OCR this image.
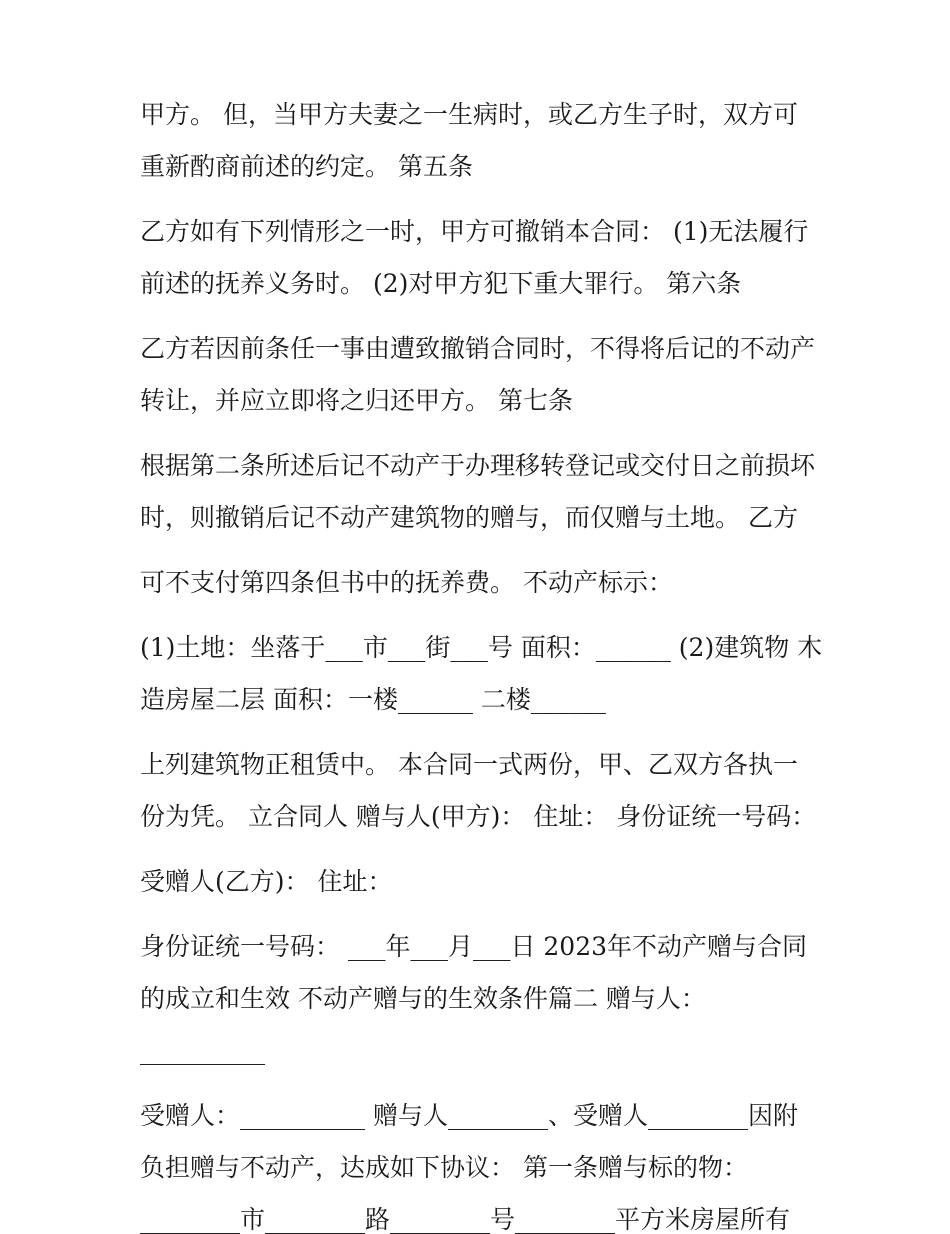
甲方。 但，当甲方夫妻之一生病时，或乙方生子时，双方可
重新酌商前述的约定。 第五条
乙方如有下列情形之一时，甲方可撤销本合同： (1)无法履行
前述的抚养义务时。 (2)对甲方犯下重大罪行。 第六条
乙方若因前条任一事由遭致撤销合同时，不得将后记的不动产
转让，并应立即将之归还甲方。 第七条
根据第二条所述后记不动产于办理移转登记或交付日之前损坏
时，则撤销后记不动产建筑物的赠与，而仅赠与土地。 乙方
可不支付第四条但书中的抚养费。 不动产标示：
(1)土地：坐落于___市___街___号 面积：______ (2)建筑物 木
造房屋二层 面积：一楼______ 二楼______
上列建筑物正租赁中。 本合同一式两份，甲、乙双方各执一
份为凭。 立合同人 赠与人(甲方)： 住址： 身份证统一号码：
受赠人(乙方)： 住址：
身份证统一号码： ___年___月___日 2023年不动产赠与合同
的成立和生效 不动产赠与的生效条件篇二 赠与人：
__________
受赠人：__________ 赠与人________、受赠人________因附
负担赠与不动产，达成如下协议： 第一条赠与标的物：
________市________路________号________平方米房屋所有
